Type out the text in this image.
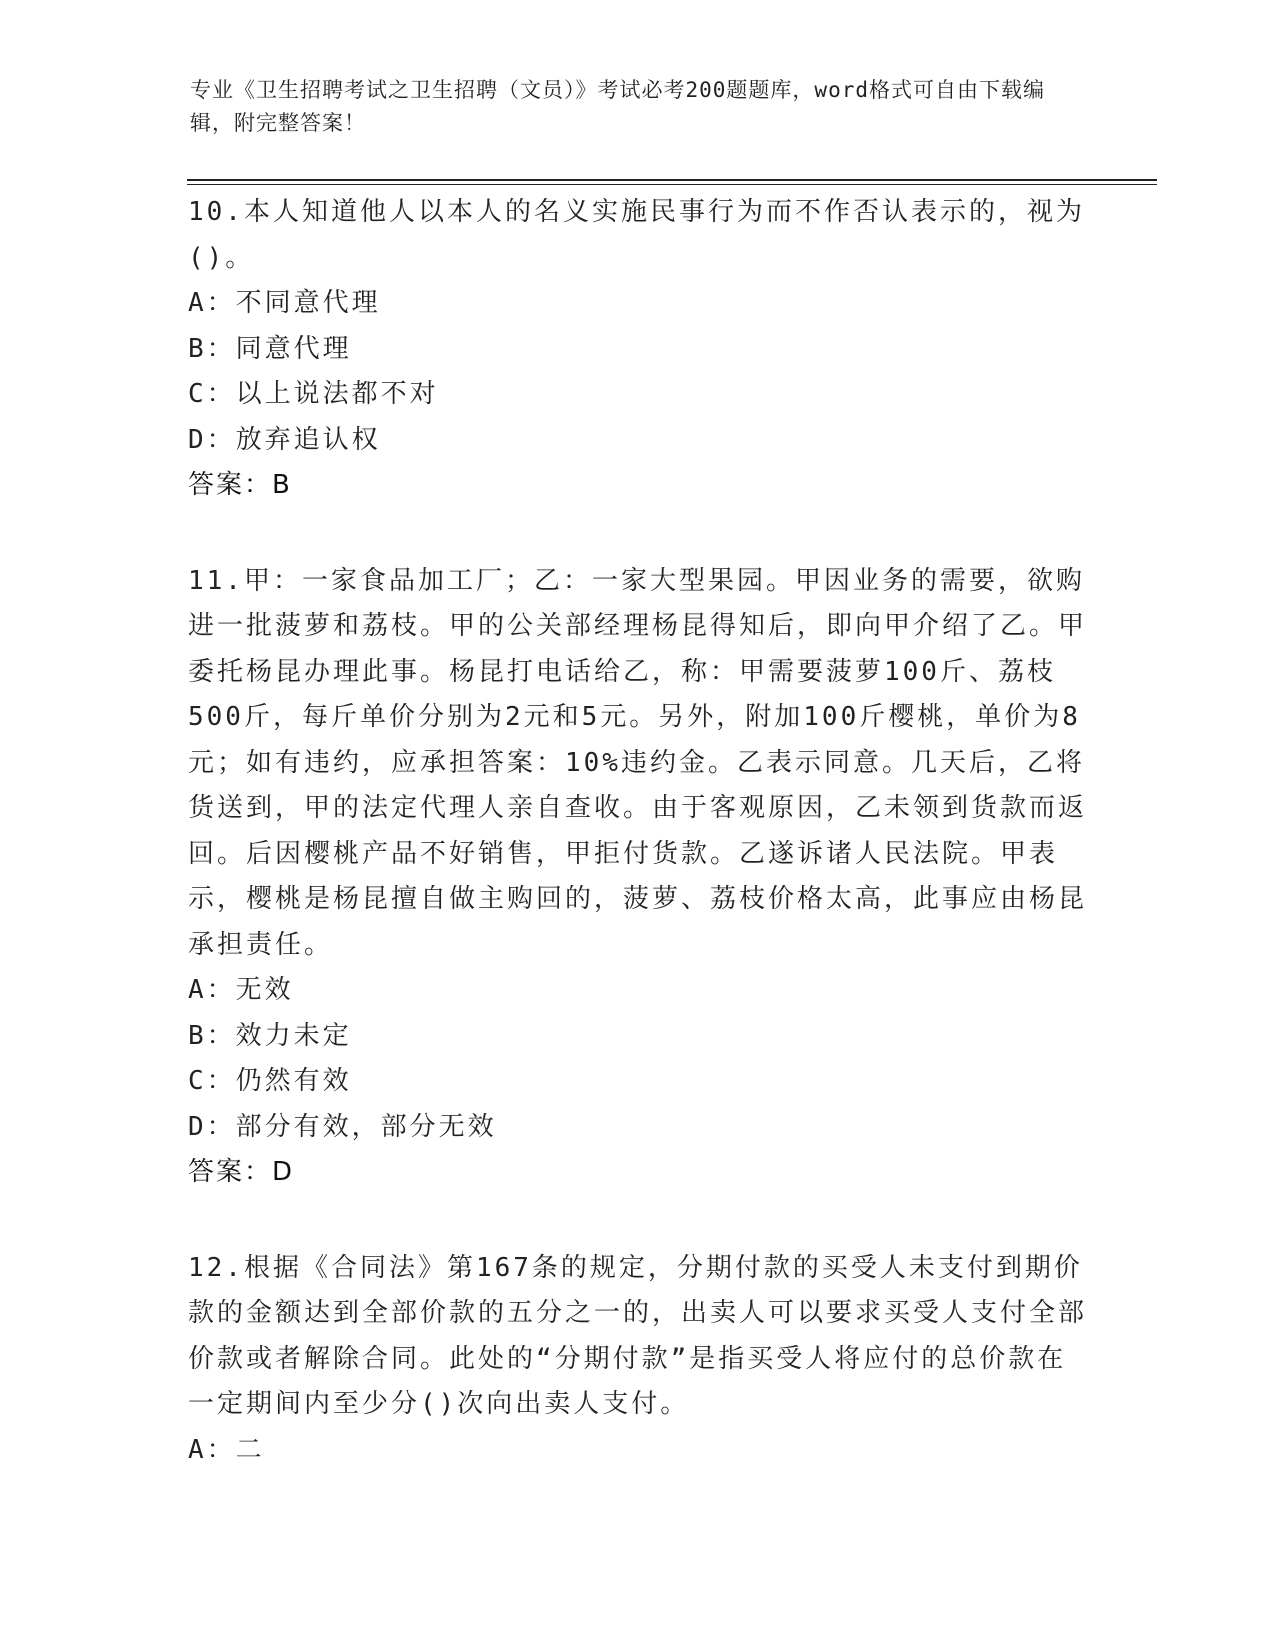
专业《卫生招聘考试之卫生招聘（文员）》考试必考200题题库，word格式可自由下载编辑，附完整答案！

10.本人知道他人以本人的名义实施民事行为而不作否认表示的，视为()。

A：不同意代理

B：同意代理

C：以上说法都不对

D：放弃追认权

答案：B

11.甲：一家食品加工厂；乙：一家大型果园。甲因业务的需要，欲购进一批菠萝和荔枝。甲的公关部经理杨昆得知后，即向甲介绍了乙。甲委托杨昆办理此事。杨昆打电话给乙，称：甲需要菠萝100斤、荔枝500斤，每斤单价分别为2元和5元。另外，附加100斤樱桃，单价为8元；如有违约，应承担答案：10%违约金。乙表示同意。几天后，乙将货送到，甲的法定代理人亲自查收。由于客观原因，乙未领到货款而返回。后因樱桃产品不好销售，甲拒付货款。乙遂诉诸人民法院。甲表示，樱桃是杨昆擅自做主购回的，菠萝、荔枝价格太高，此事应由杨昆承担责任。

A：无效

B：效力未定

C：仍然有效

D：部分有效，部分无效

答案：D

12.根据《合同法》第167条的规定，分期付款的买受人未支付到期价款的金额达到全部价款的五分之一的，出卖人可以要求买受人支付全部价款或者解除合同。此处的“分期付款”是指买受人将应付的总价款在一定期间内至少分()次向出卖人支付。

A：二
